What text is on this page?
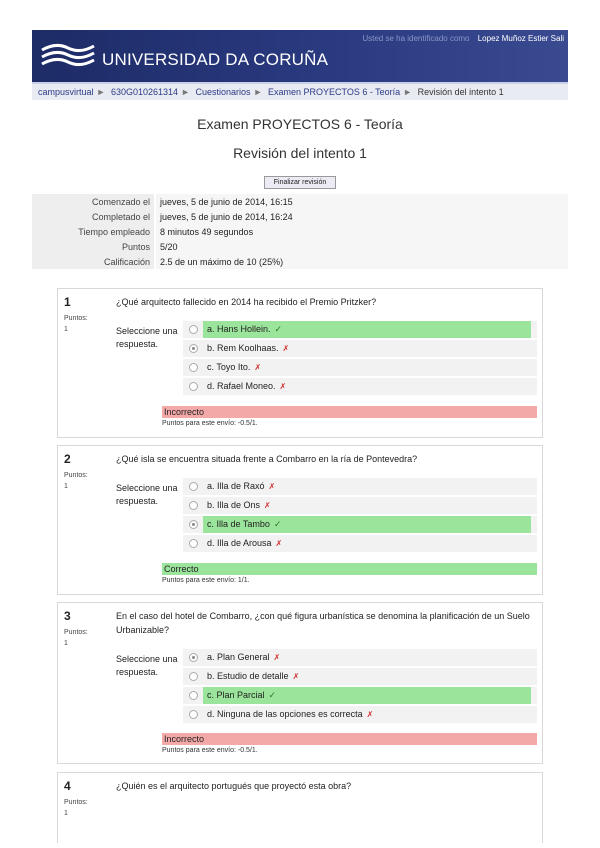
UNIVERSIDAD DA CORUÑA
Usted se ha identificado como Lopez Muñoz Estier Sali
campusvirtual ► 630G010261314 ► Cuestionarios ► Examen PROYECTOS 6 - Teoría ► Revisión del intento 1
Examen PROYECTOS 6 - Teoría
Revisión del intento 1
Finalizar revisión
Comenzado el	jueves, 5 de junio de 2014, 16:15
Completado el	jueves, 5 de junio de 2014, 16:24
Tiempo empleado	8 minutos 49 segundos
Puntos	5/20
Calificación	2.5 de un máximo de 10 (25%)
1
Puntos:
1
¿Qué arquitecto fallecido en 2014 ha recibido el Premio Pritzker?
Seleccione una respuesta.
a. Hans Hollein. ✓
b. Rem Koolhaas. ✗
c. Toyo Ito. ✗
d. Rafael Moneo. ✗
Incorrecto
Puntos para este envío: -0.5/1.
2
Puntos:
1
¿Qué isla se encuentra situada frente a Combarro en la ría de Pontevedra?
Seleccione una respuesta.
a. Illa de Raxó ✗
b. Illa de Ons ✗
c. Illa de Tambo ✓
d. Illa de Arousa ✗
Correcto
Puntos para este envío: 1/1.
3
Puntos:
1
En el caso del hotel de Combarro, ¿con qué figura urbanística se denomina la planificación de un Suelo Urbanizable?
Seleccione una respuesta.
a. Plan General ✗
b. Estudio de detalle ✗
c. Plan Parcial ✓
d. Ninguna de las opciones es correcta ✗
Incorrecto
Puntos para este envío: -0.5/1.
4
Puntos:
1
¿Quién es el arquitecto portugués que proyectó esta obra?
